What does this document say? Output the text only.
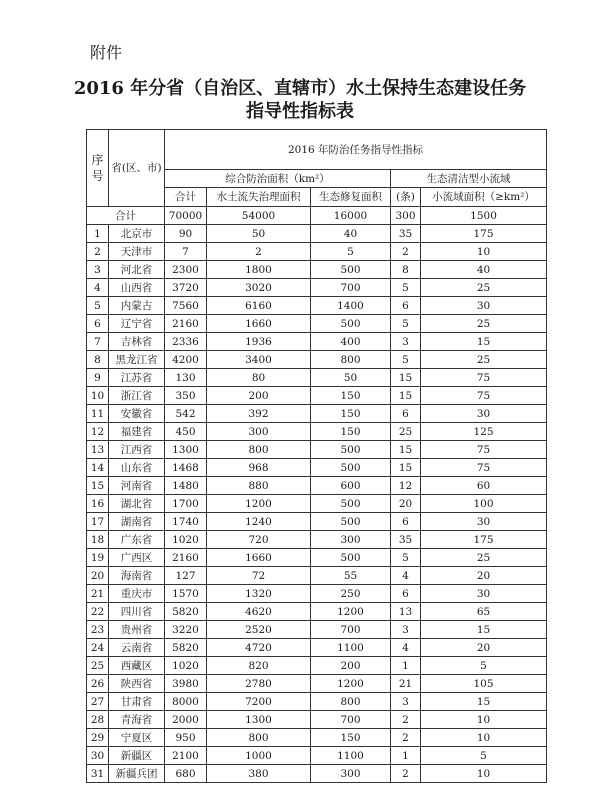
附件
2016 年分省（自治区、直辖市）水土保持生态建设任务
指导性指标表
序
号	省(区、市)	2016 年防治任务指导性指标				
		综合防治面积（km²）			生态清洁型小流域	
		合计	水土流失治理面积	生态修复面积	(条)	小流域面积（≥km²）
合计		70000	54000	16000	300	1500
1	北京市	90	50	40	35	175
2	天津市	7	2	5	2	10
3	河北省	2300	1800	500	8	40
4	山西省	3720	3020	700	5	25
5	内蒙古	7560	6160	1400	6	30
6	辽宁省	2160	1660	500	5	25
7	吉林省	2336	1936	400	3	15
8	黑龙江省	4200	3400	800	5	25
9	江苏省	130	80	50	15	75
10	浙江省	350	200	150	15	75
11	安徽省	542	392	150	6	30
12	福建省	450	300	150	25	125
13	江西省	1300	800	500	15	75
14	山东省	1468	968	500	15	75
15	河南省	1480	880	600	12	60
16	湖北省	1700	1200	500	20	100
17	湖南省	1740	1240	500	6	30
18	广东省	1020	720	300	35	175
19	广西区	2160	1660	500	5	25
20	海南省	127	72	55	4	20
21	重庆市	1570	1320	250	6	30
22	四川省	5820	4620	1200	13	65
23	贵州省	3220	2520	700	3	15
24	云南省	5820	4720	1100	4	20
25	西藏区	1020	820	200	1	5
26	陕西省	3980	2780	1200	21	105
27	甘肃省	8000	7200	800	3	15
28	青海省	2000	1300	700	2	10
29	宁夏区	950	800	150	2	10
30	新疆区	2100	1000	1100	1	5
31	新疆兵团	680	380	300	2	10
